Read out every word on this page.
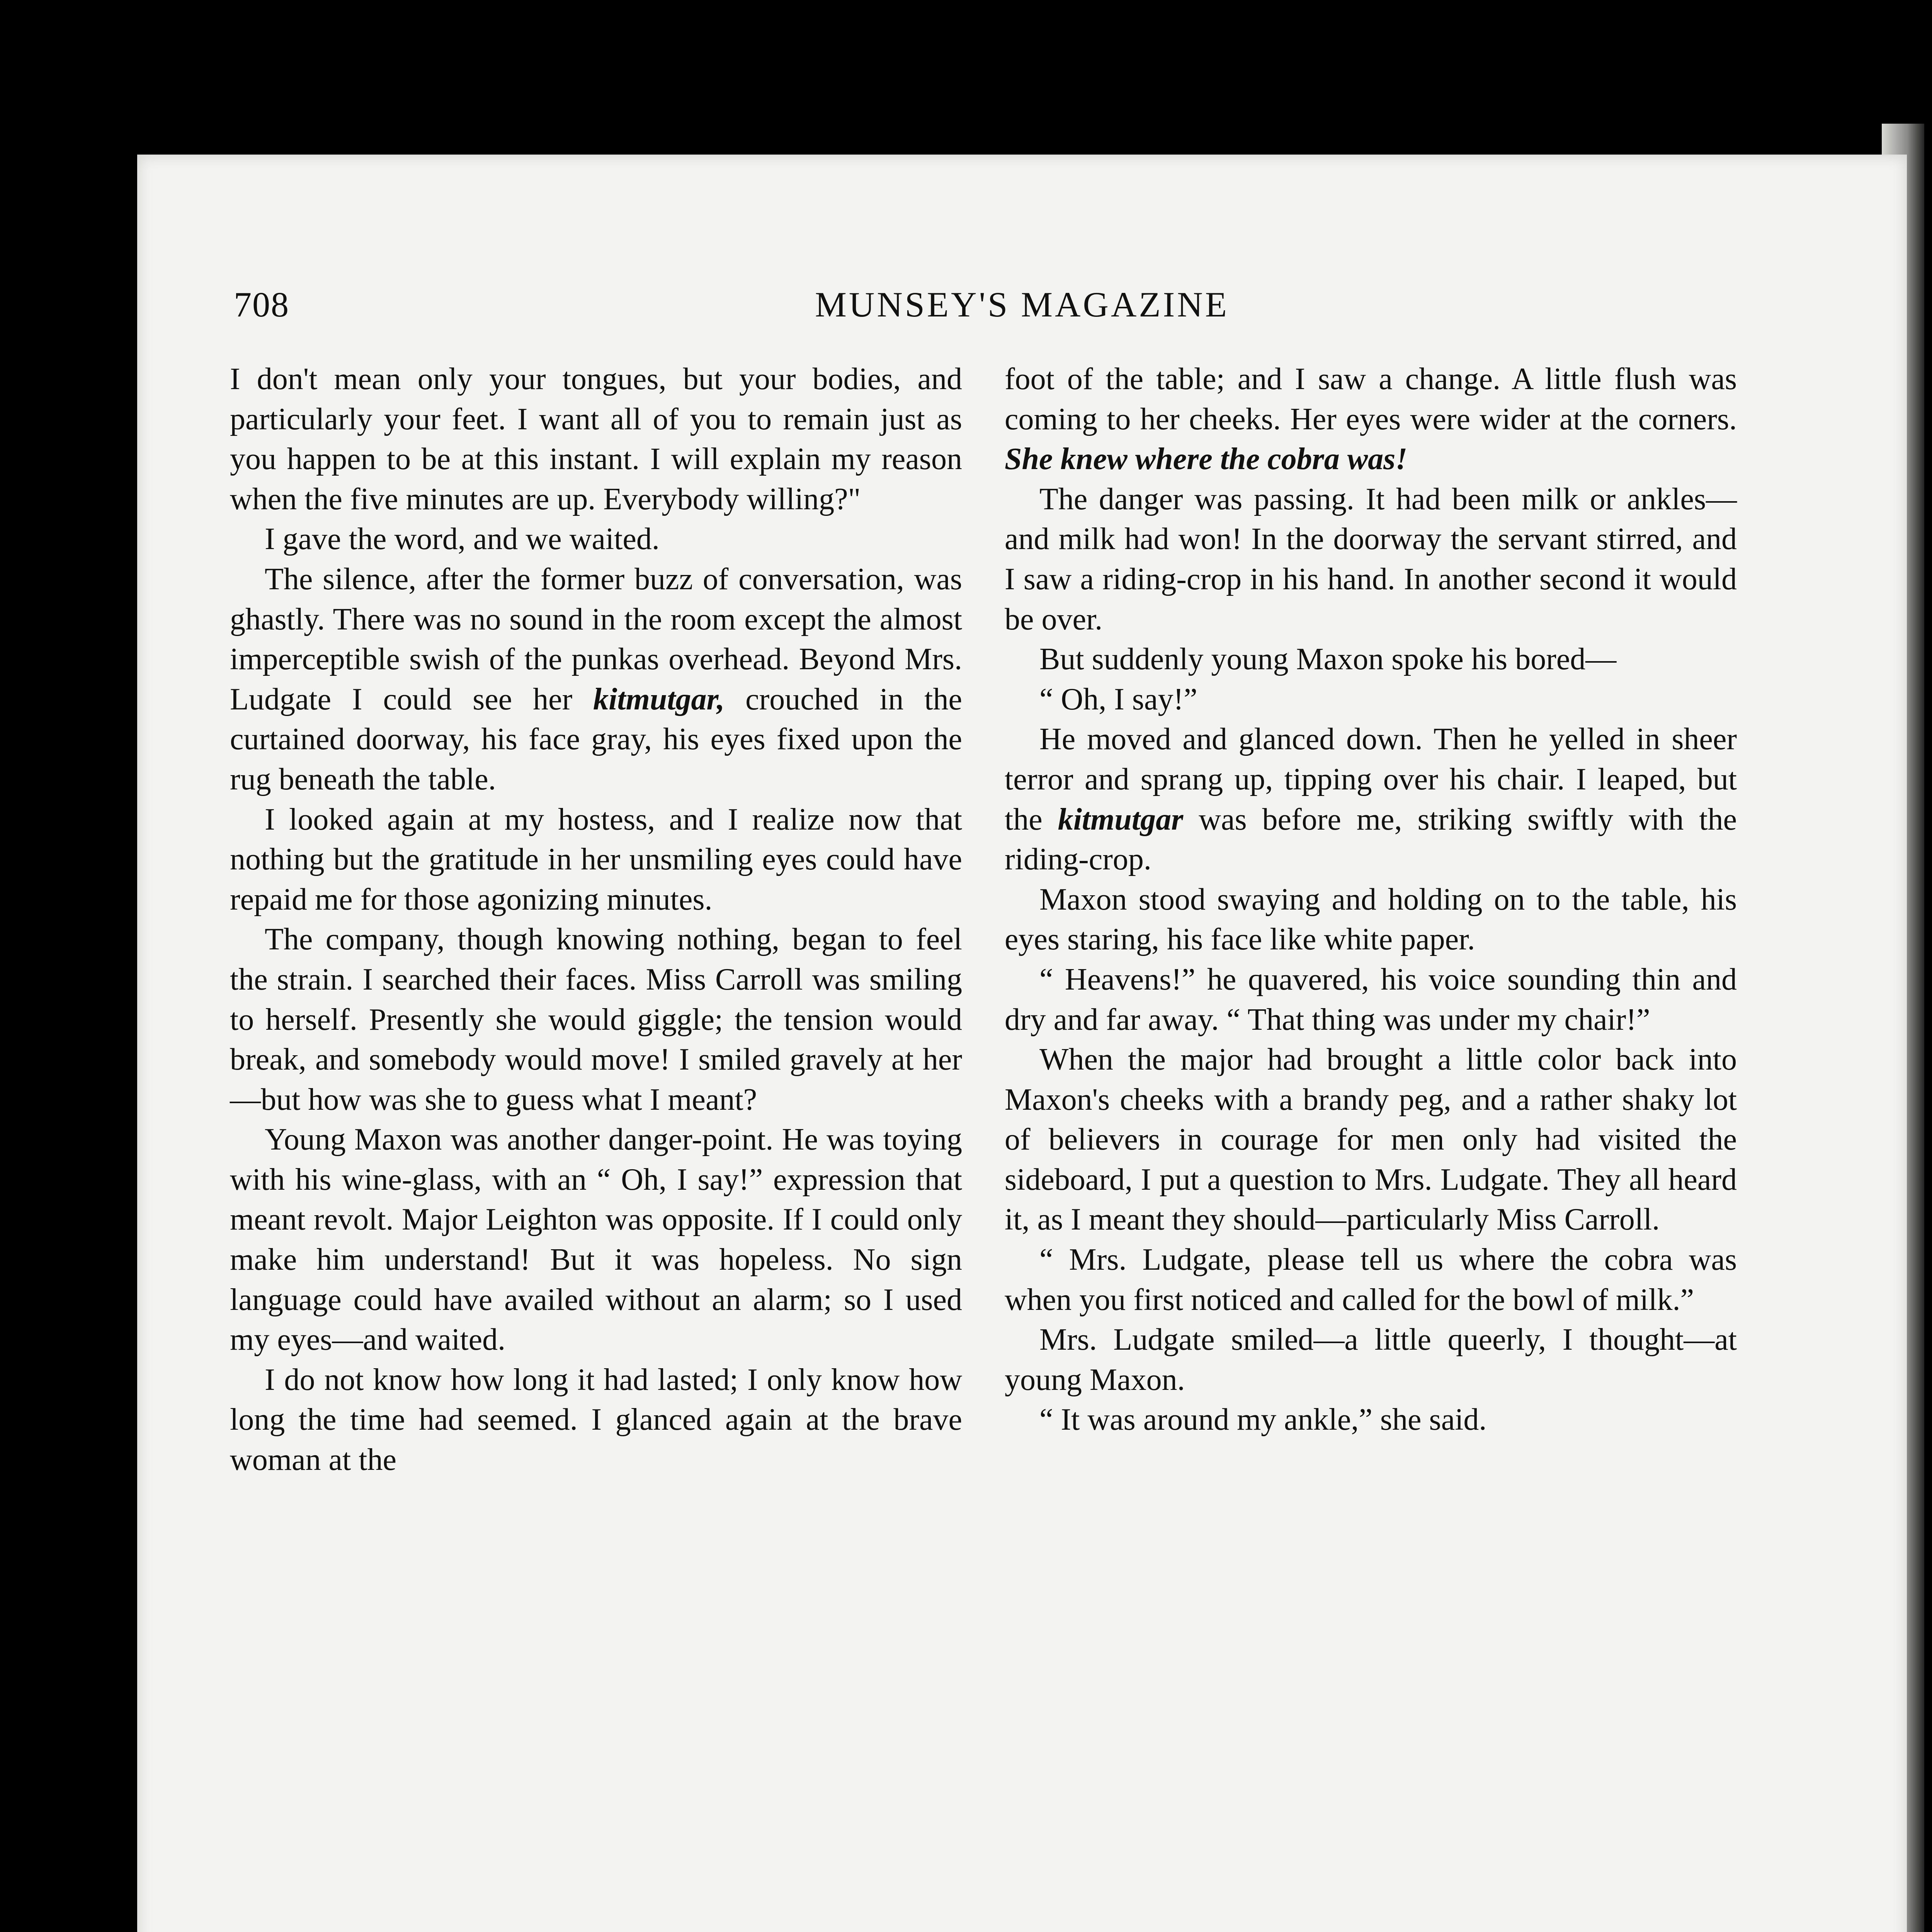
708	MUNSEY'S MAGAZINE

I don't mean only your tongues, but your bodies, and particularly your feet. I want all of you to remain just as you happen to be at this instant. I will explain my reason when the five minutes are up. Everybody willing?"

I gave the word, and we waited.

The silence, after the former buzz of conversation, was ghastly. There was no sound in the room except the almost imperceptible swish of the punkas overhead. Beyond Mrs. Ludgate I could see her kitmutgar, crouched in the curtained doorway, his face gray, his eyes fixed upon the rug beneath the table.

I looked again at my hostess, and I realize now that nothing but the gratitude in her unsmiling eyes could have repaid me for those agonizing minutes.

The company, though knowing nothing, began to feel the strain. I searched their faces. Miss Carroll was smiling to herself. Presently she would giggle; the tension would break, and somebody would move! I smiled gravely at her—but how was she to guess what I meant?

Young Maxon was another danger-point. He was toying with his wine-glass, with an “ Oh, I say!” expression that meant revolt. Major Leighton was opposite. If I could only make him understand! But it was hopeless. No sign language could have availed without an alarm; so I used my eyes—and waited.

I do not know how long it had lasted; I only know how long the time had seemed. I glanced again at the brave woman at the

foot of the table; and I saw a change. A little flush was coming to her cheeks. Her eyes were wider at the corners. She knew where the cobra was!

The danger was passing. It had been milk or ankles—and milk had won! In the doorway the servant stirred, and I saw a riding-crop in his hand. In another second it would be over.

But suddenly young Maxon spoke his bored—

“ Oh, I say!”

He moved and glanced down. Then he yelled in sheer terror and sprang up, tipping over his chair. I leaped, but the kitmutgar was before me, striking swiftly with the riding-crop.

Maxon stood swaying and holding on to the table, his eyes staring, his face like white paper.

“ Heavens!” he quavered, his voice sounding thin and dry and far away. “ That thing was under my chair!”

When the major had brought a little color back into Maxon's cheeks with a brandy peg, and a rather shaky lot of believers in courage for men only had visited the sideboard, I put a question to Mrs. Ludgate. They all heard it, as I meant they should—particularly Miss Carroll.

“ Mrs. Ludgate, please tell us where the cobra was when you first noticed and called for the bowl of milk.”

Mrs. Ludgate smiled—a little queerly, I thought—at young Maxon.

“ It was around my ankle,” she said.
